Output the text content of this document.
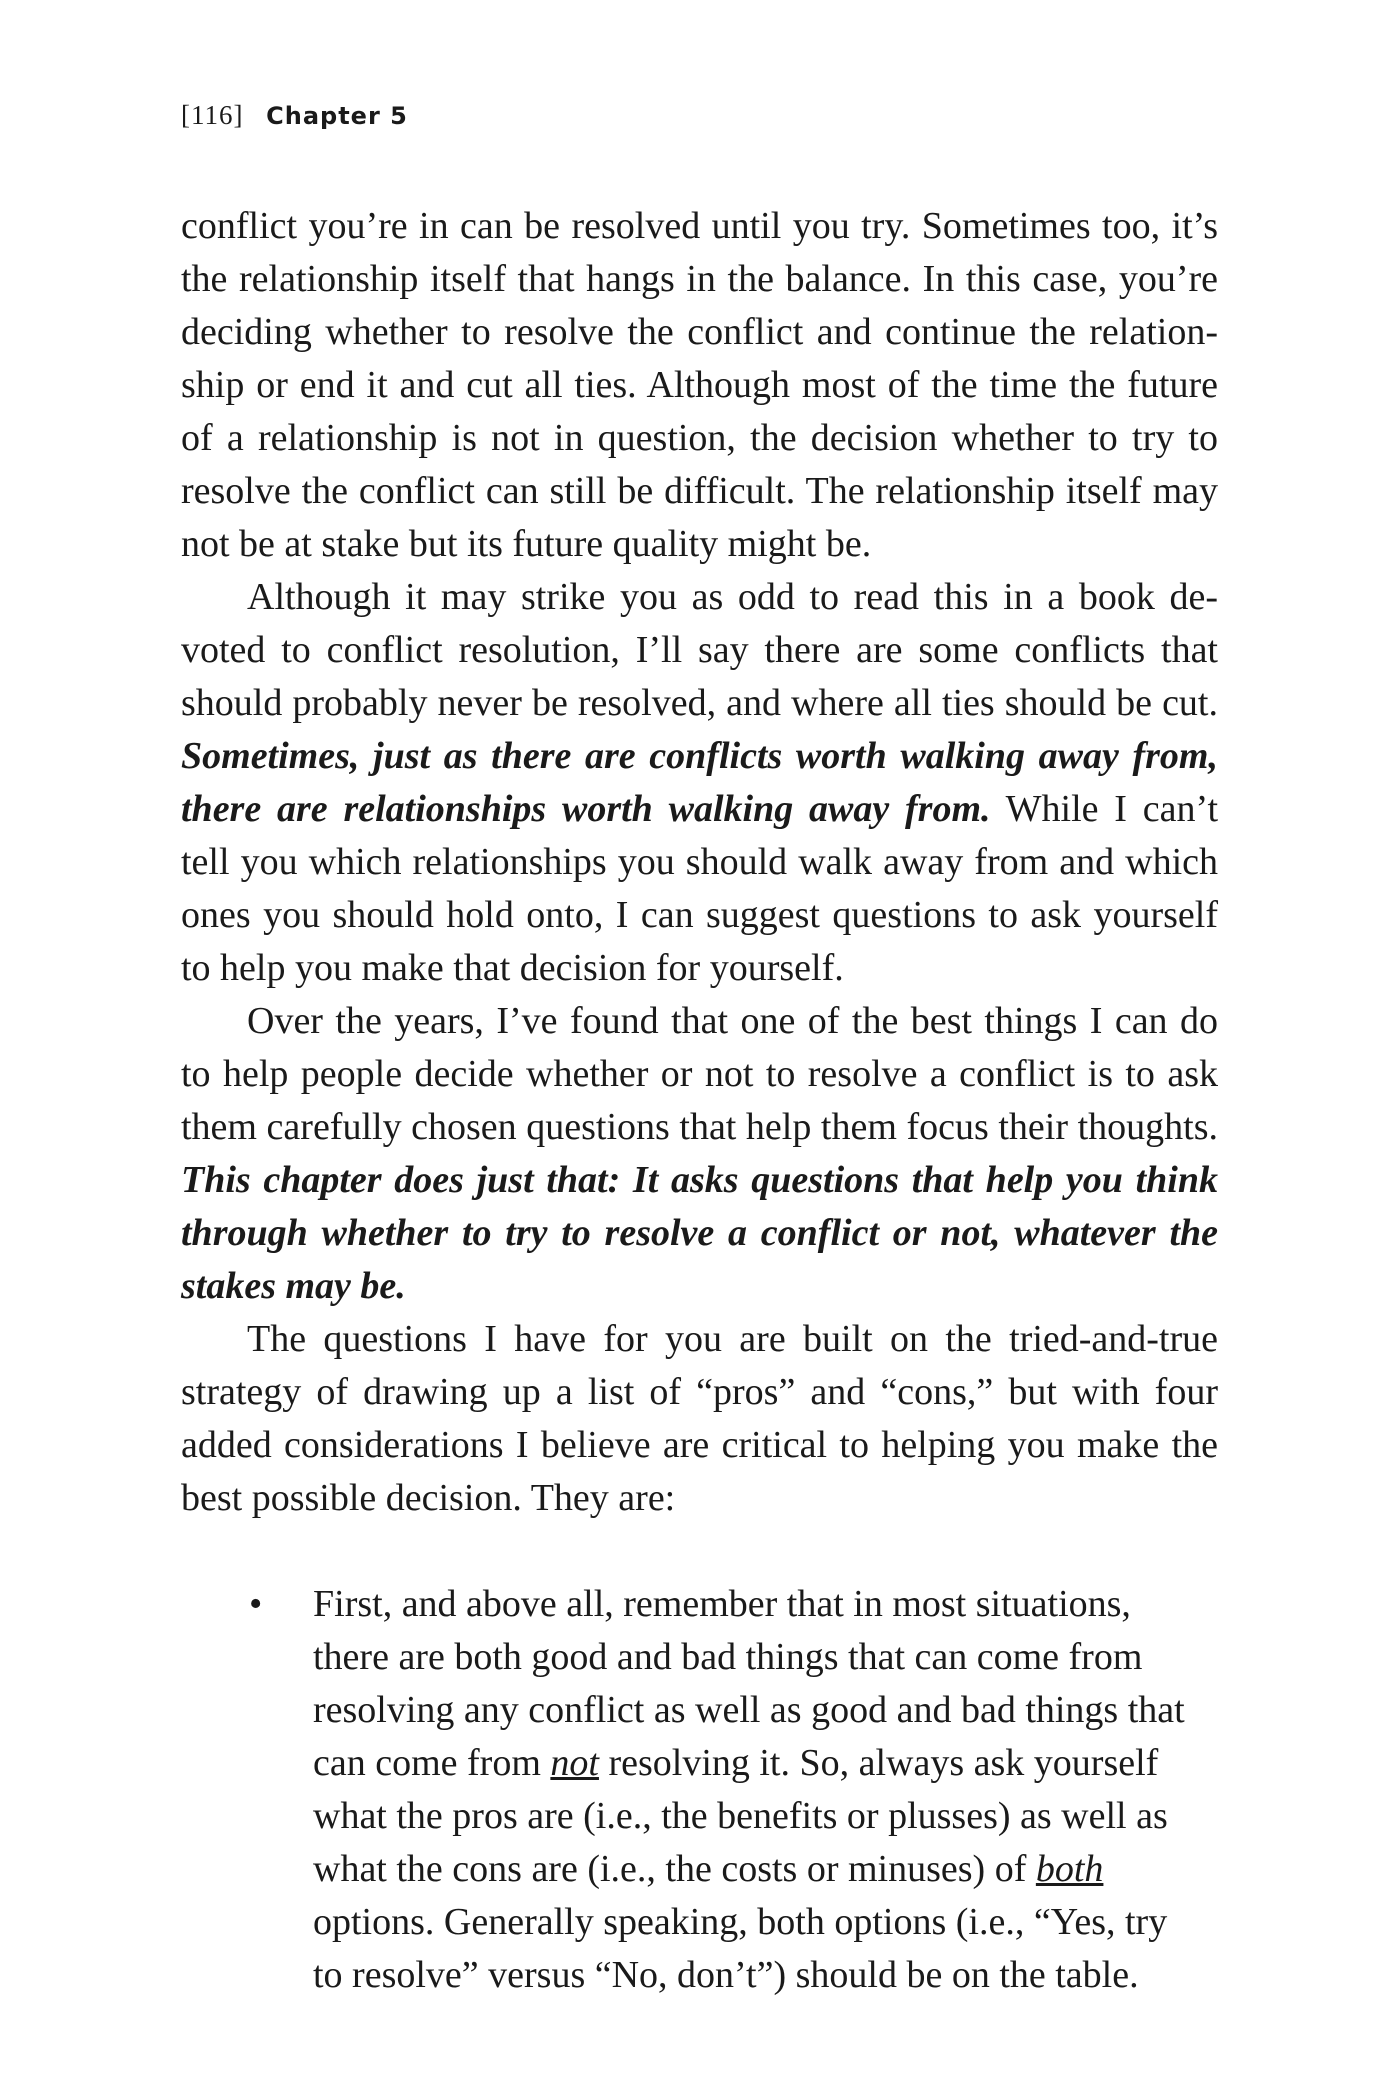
[116] Chapter 5

conflict you’re in can be resolved until you try. Sometimes too, it’s the relationship itself that hangs in the balance. In this case, you’re deciding whether to resolve the conflict and continue the relationship or end it and cut all ties. Although most of the time the future of a relationship is not in question, the decision whether to try to resolve the conflict can still be difficult. The relationship itself may not be at stake but its future quality might be.

Although it may strike you as odd to read this in a book devoted to conflict resolution, I’ll say there are some conflicts that should probably never be resolved, and where all ties should be cut. Sometimes, just as there are conflicts worth walking away from, there are relationships worth walking away from. While I can’t tell you which relationships you should walk away from and which ones you should hold onto, I can suggest questions to ask yourself to help you make that decision for yourself.

Over the years, I’ve found that one of the best things I can do to help people decide whether or not to resolve a conflict is to ask them carefully chosen questions that help them focus their thoughts. This chapter does just that: It asks questions that help you think through whether to try to resolve a conflict or not, whatever the stakes may be.

The questions I have for you are built on the tried-and-true strategy of drawing up a list of “pros” and “cons,” but with four added considerations I believe are critical to helping you make the best possible decision. They are:

• First, and above all, remember that in most situations, there are both good and bad things that can come from resolving any conflict as well as good and bad things that can come from not resolving it. So, always ask yourself what the pros are (i.e., the benefits or plusses) as well as what the cons are (i.e., the costs or minuses) of both options. Generally speaking, both options (i.e., “Yes, try to resolve” versus “No, don’t”) should be on the table.
